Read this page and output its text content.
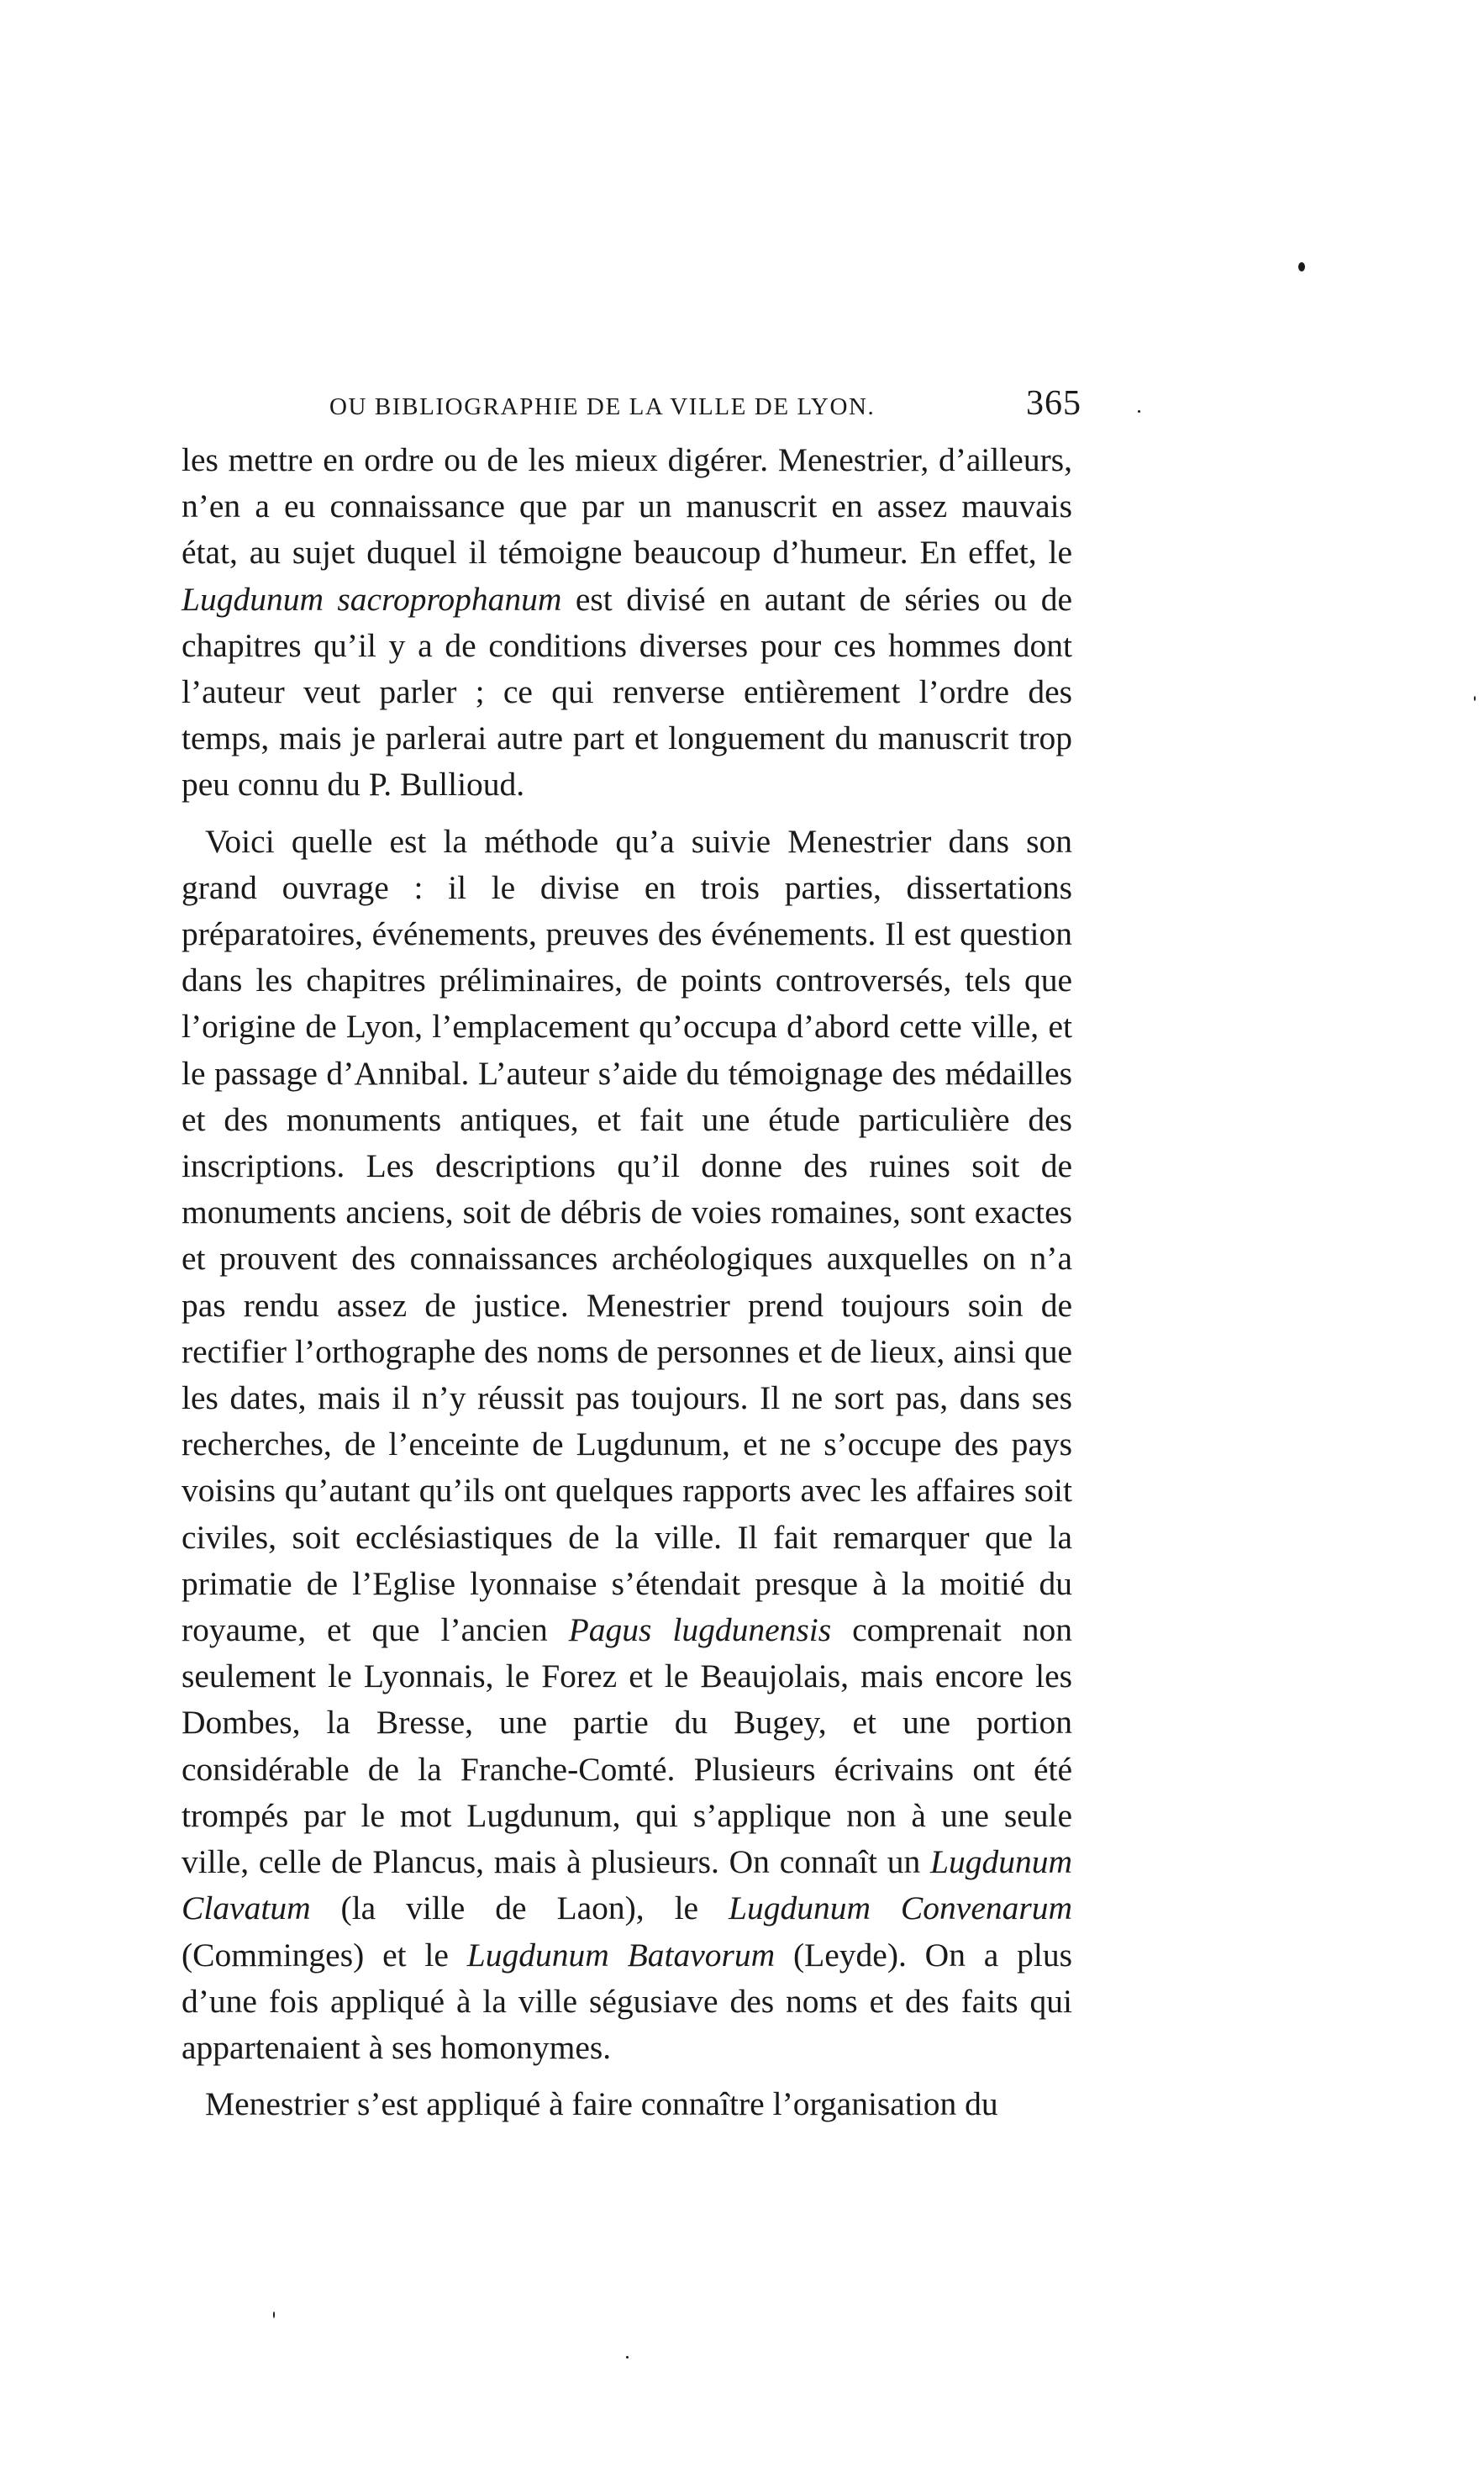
OU BIBLIOGRAPHIE DE LA VILLE DE LYON.	365

les mettre en ordre ou de les mieux digérer. Menestrier, d’ailleurs, n’en a eu connaissance que par un manuscrit en assez mauvais état, au sujet duquel il témoigne beaucoup d’humeur. En effet, le Lugdunum sacroprophanum est divisé en autant de séries ou de chapitres qu’il y a de conditions diverses pour ces hommes dont l’auteur veut parler ; ce qui renverse entièrement l’ordre des temps, mais je parlerai autre part et longuement du manuscrit trop peu connu du P. Bullioud.

Voici quelle est la méthode qu’a suivie Menestrier dans son grand ouvrage : il le divise en trois parties, dissertations préparatoires, événements, preuves des événements. Il est question dans les chapitres préliminaires, de points controversés, tels que l’origine de Lyon, l’emplacement qu’occupa d’abord cette ville, et le passage d’Annibal. L’auteur s’aide du témoignage des médailles et des monuments antiques, et fait une étude particulière des inscriptions. Les descriptions qu’il donne des ruines soit de monuments anciens, soit de débris de voies romaines, sont exactes et prouvent des connaissances archéologiques auxquelles on n’a pas rendu assez de justice. Menestrier prend toujours soin de rectifier l’orthographe des noms de personnes et de lieux, ainsi que les dates, mais il n’y réussit pas toujours. Il ne sort pas, dans ses recherches, de l’enceinte de Lugdunum, et ne s’occupe des pays voisins qu’autant qu’ils ont quelques rapports avec les affaires soit civiles, soit ecclésiastiques de la ville. Il fait remarquer que la primatie de l’Eglise lyonnaise s’étendait presque à la moitié du royaume, et que l’ancien Pagus lugdunensis comprenait non seulement le Lyonnais, le Forez et le Beaujolais, mais encore les Dombes, la Bresse, une partie du Bugey, et une portion considérable de la Franche-Comté. Plusieurs écrivains ont été trompés par le mot Lugdunum, qui s’applique non à une seule ville, celle de Plancus, mais à plusieurs. On connaît un Lugdunum Clavatum (la ville de Laon), le Lugdunum Convenarum (Comminges) et le Lugdunum Batavorum (Leyde). On a plus d’une fois appliqué à la ville ségusiave des noms et des faits qui appartenaient à ses homonymes.

Menestrier s’est appliqué à faire connaître l’organisation du
